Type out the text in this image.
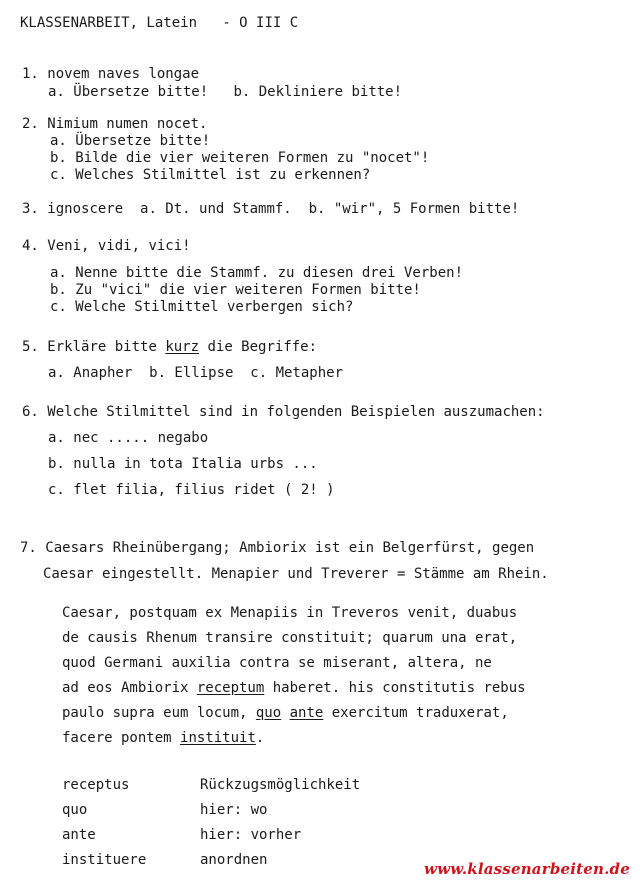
KLASSENARBEIT, Latein - O III C
1. novem naves longae
a. Übersetze bitte! b. Dekliniere bitte!
2. Nimium numen nocet.
a. Übersetze bitte!
b. Bilde die vier weiteren Formen zu "nocet"!
c. Welches Stilmittel ist zu erkennen?
3. ignoscere  a. Dt. und Stammf.  b. "wir", 5 Formen bitte!
4. Veni, vidi, vici!
a. Nenne bitte die Stammf. zu diesen drei Verben!
b. Zu "vici" die vier weiteren Formen bitte!
c. Welche Stilmittel verbergen sich?
5. Erkläre bitte kurz die Begriffe:
a. Anapher  b. Ellipse  c. Metapher
6. Welche Stilmittel sind in folgenden Beispielen auszumachen:
a. nec ..... negabo
b. nulla in tota Italia urbs ...
c. flet filia, filius ridet ( 2! )
7. Caesars Rheinübergang; Ambiorix ist ein Belgerfürst, gegen
Caesar eingestellt. Menapier und Treverer = Stämme am Rhein.
Caesar, postquam ex Menapiis in Treveros venit, duabus
de causis Rhenum transire constituit; quarum una erat,
quod Germani auxilia contra se miserant, altera, ne
ad eos Ambiorix receptum haberet. his constitutis rebus
paulo supra eum locum, quo ante exercitum traduxerat,
facere pontem instituit.
receptus	Rückzugsmöglichkeit
quo	hier: wo
ante	hier: vorher
instituere	anordnen	www.klassenarbeiten.de
